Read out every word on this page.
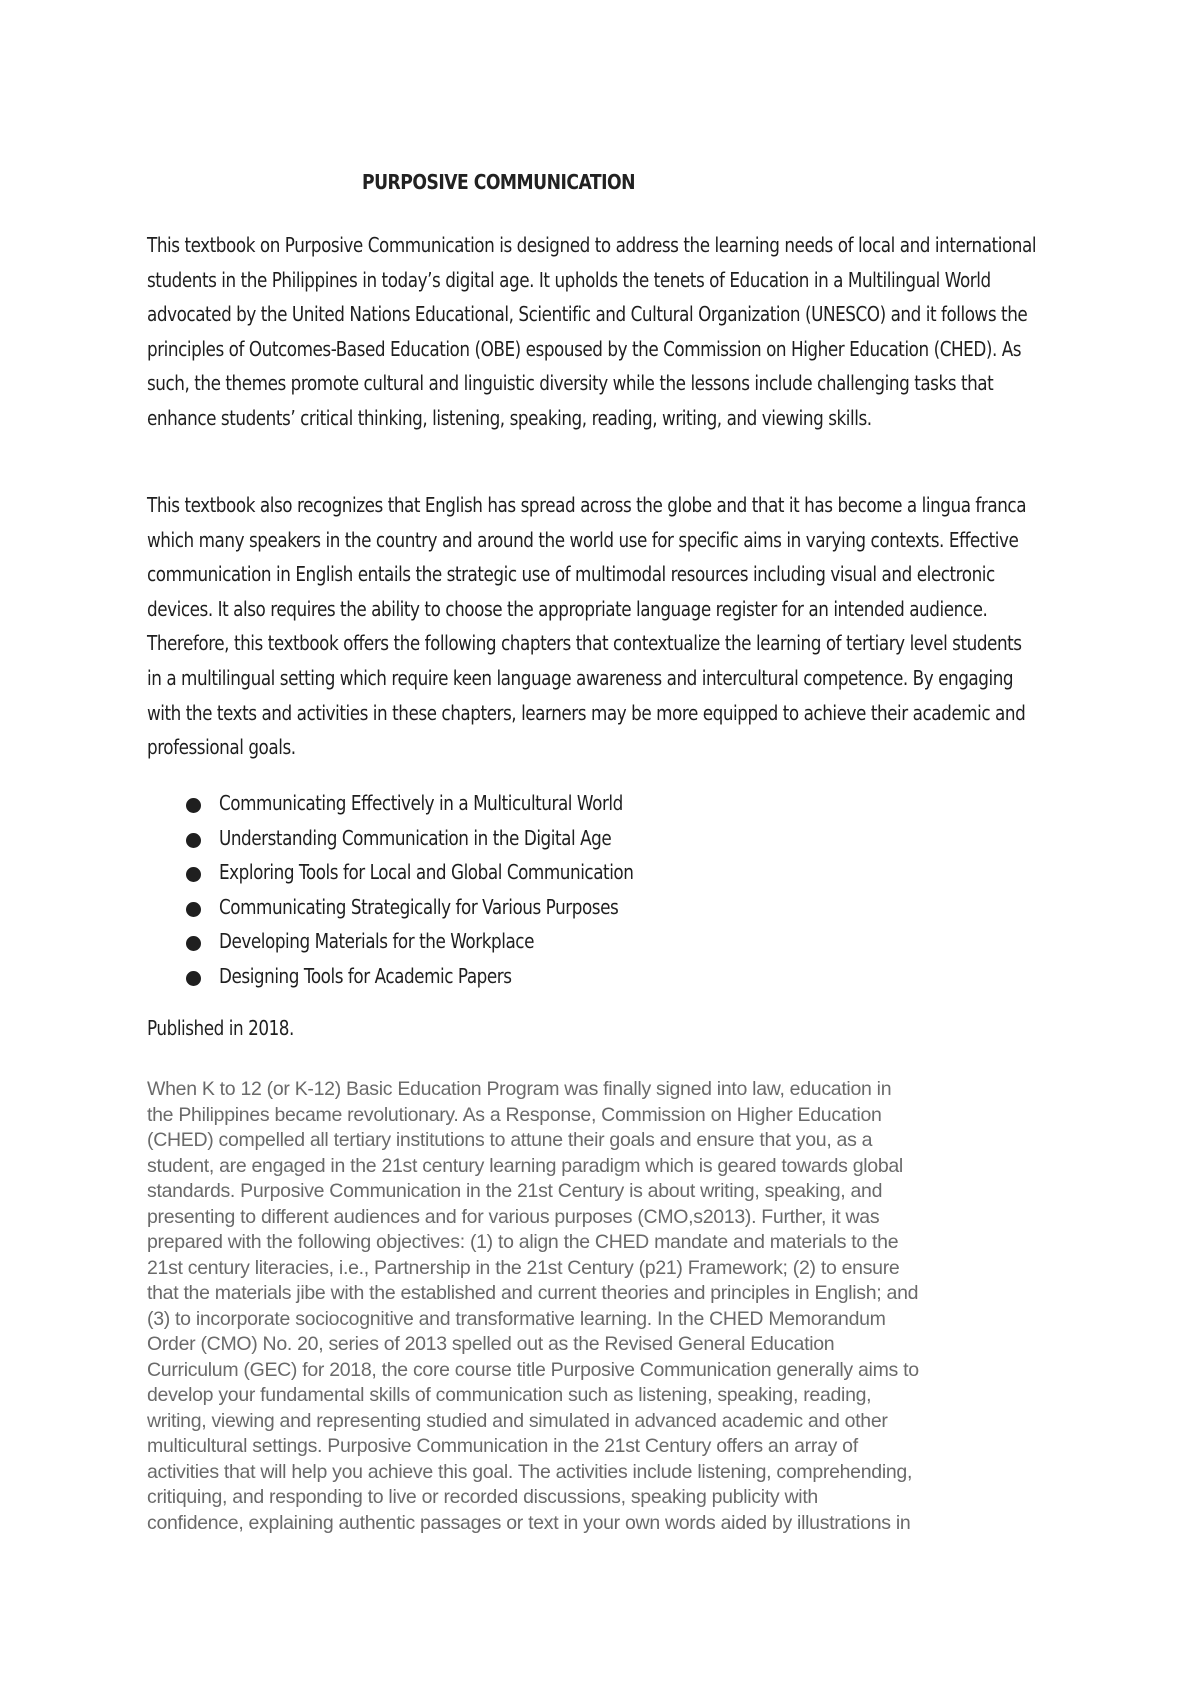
PURPOSIVE COMMUNICATION

This textbook on Purposive Communication is designed to address the learning needs of local and international students in the Philippines in today’s digital age. It upholds the tenets of Education in a Multilingual World advocated by the United Nations Educational, Scientific and Cultural Organization (UNESCO) and it follows the principles of Outcomes-Based Education (OBE) espoused by the Commission on Higher Education (CHED). As such, the themes promote cultural and linguistic diversity while the lessons include challenging tasks that enhance students’ critical thinking, listening, speaking, reading, writing, and viewing skills.

This textbook also recognizes that English has spread across the globe and that it has become a lingua franca which many speakers in the country and around the world use for specific aims in varying contexts. Effective communication in English entails the strategic use of multimodal resources including visual and electronic devices. It also requires the ability to choose the appropriate language register for an intended audience. Therefore, this textbook offers the following chapters that contextualize the learning of tertiary level students in a multilingual setting which require keen language awareness and intercultural competence. By engaging with the texts and activities in these chapters, learners may be more equipped to achieve their academic and professional goals.

Communicating Effectively in a Multicultural World
Understanding Communication in the Digital Age
Exploring Tools for Local and Global Communication
Communicating Strategically for Various Purposes
Developing Materials for the Workplace
Designing Tools for Academic Papers

Published in 2018.

When K to 12 (or K-12) Basic Education Program was finally signed into law, education in
the Philippines became revolutionary. As a Response, Commission on Higher Education
(CHED) compelled all tertiary institutions to attune their goals and ensure that you, as a
student, are engaged in the 21st century learning paradigm which is geared towards global
standards. Purposive Communication in the 21st Century is about writing, speaking, and
presenting to different audiences and for various purposes (CMO,s2013). Further, it was
prepared with the following objectives: (1) to align the CHED mandate and materials to the
21st century literacies, i.e., Partnership in the 21st Century (p21) Framework; (2) to ensure
that the materials jibe with the established and current theories and principles in English; and
(3) to incorporate sociocognitive and transformative learning. In the CHED Memorandum
Order (CMO) No. 20, series of 2013 spelled out as the Revised General Education
Curriculum (GEC) for 2018, the core course title Purposive Communication generally aims to
develop your fundamental skills of communication such as listening, speaking, reading,
writing, viewing and representing studied and simulated in advanced academic and other
multicultural settings. Purposive Communication in the 21st Century offers an array of
activities that will help you achieve this goal. The activities include listening, comprehending,
critiquing, and responding to live or recorded discussions, speaking publicity with
confidence, explaining authentic passages or text in your own words aided by illustrations in
